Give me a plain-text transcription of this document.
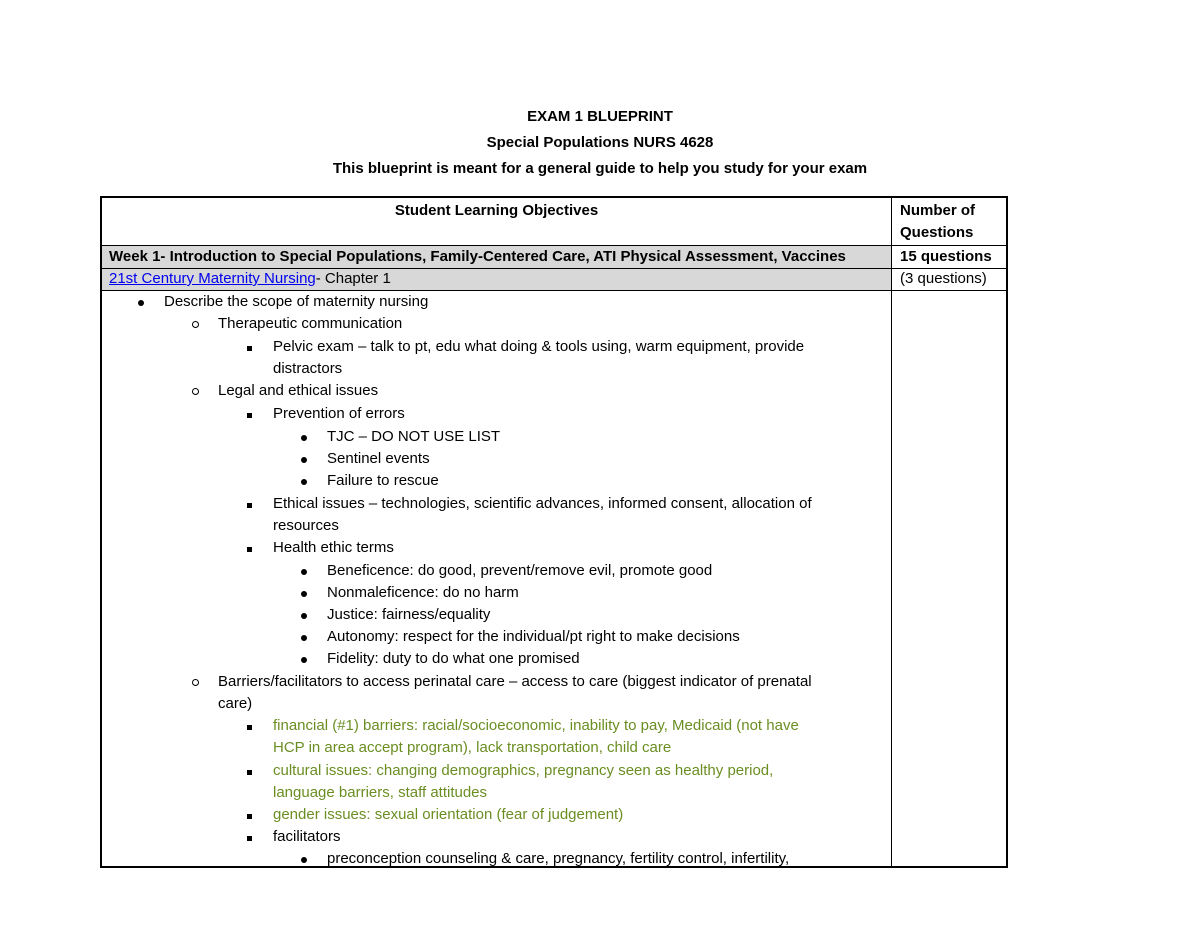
EXAM 1 BLUEPRINT
Special Populations NURS 4628
This blueprint is meant for a general guide to help you study for your exam
Student Learning Objectives	Number of
Questions
Week 1- Introduction to Special Populations, Family-Centered Care, ATI Physical Assessment, Vaccines	15 questions
21st Century Maternity Nursing- Chapter 1	(3 questions)
Describe the scope of maternity nursing
Therapeutic communication
Pelvic exam – talk to pt, edu what doing & tools using, warm equipment, provide
distractors
Legal and ethical issues
Prevention of errors
TJC – DO NOT USE LIST
Sentinel events
Failure to rescue
Ethical issues – technologies, scientific advances, informed consent, allocation of
resources
Health ethic terms
Beneficence: do good, prevent/remove evil, promote good
Nonmaleficence: do no harm
Justice: fairness/equality
Autonomy: respect for the individual/pt right to make decisions
Fidelity: duty to do what one promised
Barriers/facilitators to access perinatal care – access to care (biggest indicator of prenatal
care)
financial (#1) barriers: racial/socioeconomic, inability to pay, Medicaid (not have
HCP in area accept program), lack transportation, child care
cultural issues: changing demographics, pregnancy seen as healthy period,
language barriers, staff attitudes
gender issues: sexual orientation (fear of judgement)
facilitators
preconception counseling & care, pregnancy, fertility control, infertility,
